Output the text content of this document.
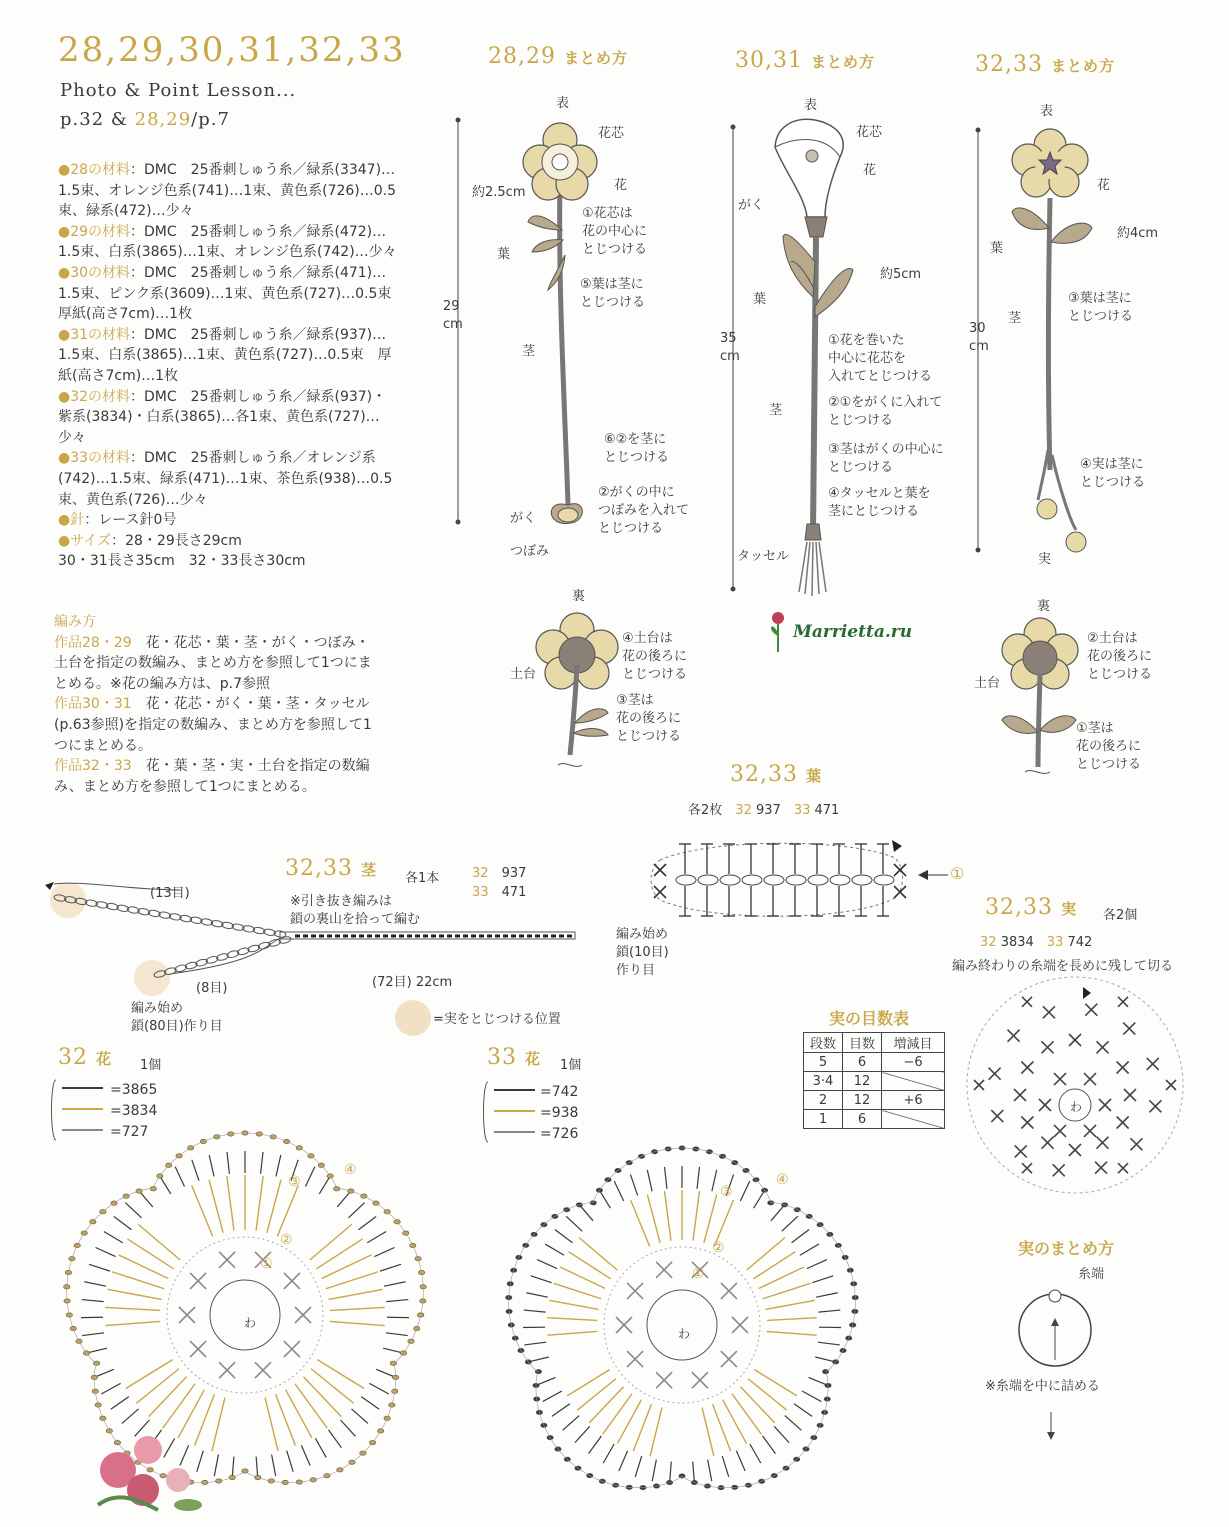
28,29,30,31,32,33
Photo & Point Lesson...
p.32 & 28,29/p.7
●28の材料：DMC　25番刺しゅう糸／緑系(3347)…1.5束、オレンジ色系(741)…1束、黄色系(726)…0.5束、緑系(472)…少々
●29の材料：DMC　25番刺しゅう糸／緑系(472)…1.5束、白系(3865)…1束、オレンジ色系(742)…少々
●30の材料：DMC　25番刺しゅう糸／緑系(471)…1.5束、ピンク系(3609)…1束、黄色系(727)…0.5束　厚紙(高さ7cm)…1枚
●31の材料：DMC　25番刺しゅう糸／緑系(937)…1.5束、白系(3865)…1束、黄色系(727)…0.5束　厚紙(高さ7cm)…1枚
●32の材料：DMC　25番刺しゅう糸／緑系(937)・紫系(3834)・白系(3865)…各1束、黄色系(727)…少々
●33の材料：DMC　25番刺しゅう糸／オレンジ系(742)…1.5束、緑系(471)…1束、茶色系(938)…0.5束、黄色系(726)…少々
●針：レース針0号
●サイズ：28・29長さ29cm
30・31長さ35cm　32・33長さ30cm
編み方
作品28・29　花・花芯・葉・茎・がく・つぼみ・土台を指定の数編み、まとめ方を参照して1つにまとめる。※花の編み方は、p.7参照
作品30・31　花・花芯・がく・葉・茎・タッセル(p.63参照)を指定の数編み、まとめ方を参照して1つにまとめる。
作品32・33　花・葉・茎・実・土台を指定の数編み、まとめ方を参照して1つにまとめる。
28,29 まとめ方
表
29
cm
花芯
花
約2.5cm
葉
茎
がく
つぼみ
①花芯は
花の中心に
とじつける
⑤葉は茎に
とじつける
⑥②を茎に
とじつける
②がくの中に
つぼみを入れて
とじつける
裏
土台
④土台は
花の後ろに
とじつける
③茎は
花の後ろに
とじつける
30,31 まとめ方
表
花芯
花
がく
約5cm
葉
35
cm
茎
タッセル
①花を巻いた
中心に花芯を
入れてとじつける
②①をがくに入れて
とじつける
③茎はがくの中心に
とじつける
④タッセルと葉を
茎にとじつける
Marrietta.ru
32,33 まとめ方
表
花
約4cm
葉
茎
30
cm
実
③葉は茎に
とじつける
④実は茎に
とじつける
裏
土台
②土台は
花の後ろに
とじつける
①茎は
花の後ろに
とじつける
32,33 葉
各2枚　 32 937　 33 471
①
編み始め
鎖(10目)
作り目
32,33 茎 各1本	32　 937
33　 471
※引き抜き編みは
鎖の裏山を拾って編む
(13目)
(8目)	(72目) 22cm
編み始め
鎖(80目)作り目	=実をとじつける位置
32,33 実 各2個
32 3834　 33 742
編み終わりの糸端を長めに残して切る
実の目数表
段数	目数	増減目
5	6	−6
3·4	12	
2	12	+6
1	6	
わ
実のまとめ方
糸端
※糸端を中に詰める
32 花 1個
=3865
=3834
=727
わ
①
②
③
④
33 花 1個
=742
=938
=726
わ
①
②
③
④
